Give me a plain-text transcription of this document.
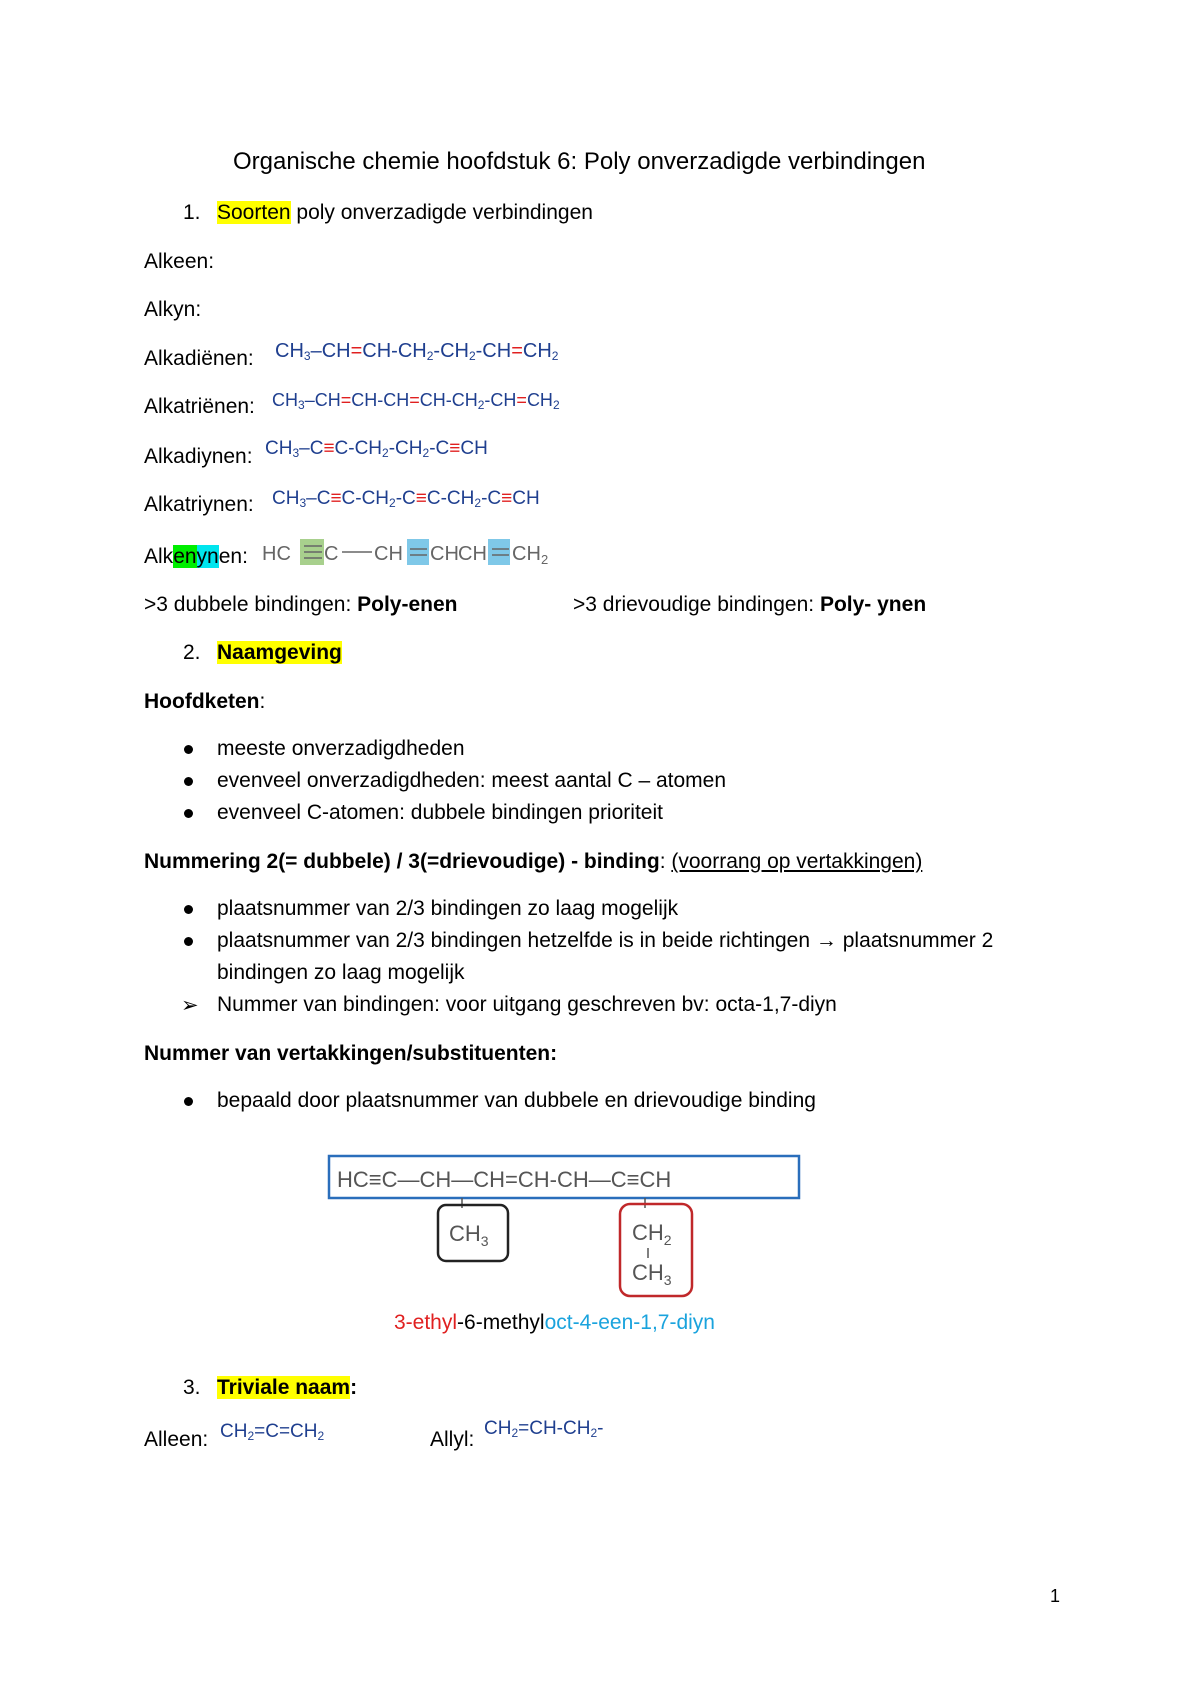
Organische chemie hoofdstuk 6: Poly onverzadigde verbindingen
1. Soorten poly onverzadigde verbindingen
Alkeen:
Alkyn:
Alkadiënen: $CH_3-CH=CH-CH_2-CH_2-CH=CH_2$
Alkatriënen: $CH_3-CH=CH-CH=CH-CH_2-CH=CH_2$
Alkadiynen: $CH_3-C\equiv C-CH_2-CH_2-C\equiv CH$
Alkatriynen: $CH_3-C\equiv C-CH_2-C\equiv C-CH_2-C\equiv CH$
Alkenynen: HC C CH CH CH CH 2
>3 dubbele bindingen: Poly-enen	>3 drievoudige bindingen: Poly- ynen
2. Naamgeving
Hoofdketen:
meeste onverzadigdheden
evenveel onverzadigdheden: meest aantal C – atomen
evenveel C-atomen: dubbele bindingen prioriteit
Nummering 2(= dubbele) / 3(=drievoudige) - binding: (voorrang op vertakkingen)
plaatsnummer van 2/3 bindingen zo laag mogelijk
plaatsnummer van 2/3 bindingen hetzelfde is in beide richtingen → plaatsnummer 2
bindingen zo laag mogelijk
➢ Nummer van bindingen: voor uitgang geschreven bv: octa-1,7-diyn
Nummer van vertakkingen/substituenten:
bepaald door plaatsnummer van dubbele en drievoudige binding
HC≡C—CH—CH=CH-CH—C≡CH
$CH_3$	$CH_2$
$CH_3$
3-ethyl-6-methyloct-4-een-1,7-diyn
3. Triviale naam:
Alleen: $CH_2=C=CH_2$	Allyl: $CH_2=CH-CH_2-$
1
